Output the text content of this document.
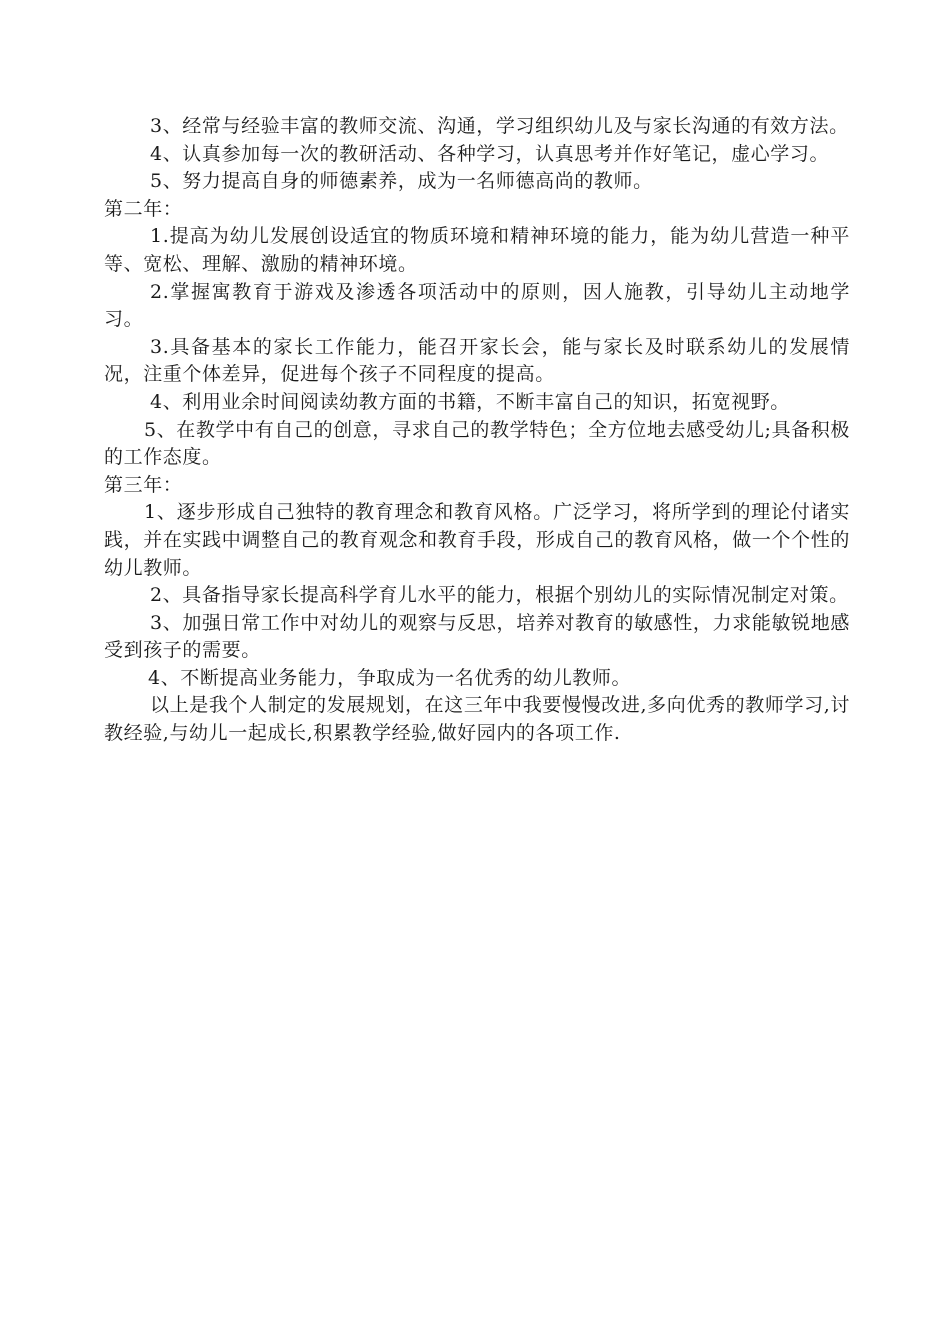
3、经常与经验丰富的教师交流、沟通，学习组织幼儿及与家长沟通的有效方法。

4、认真参加每一次的教研活动、各种学习，认真思考并作好笔记，虚心学习。

5、努力提高自身的师德素养，成为一名师德高尚的教师。

第二年：

1.提高为幼儿发展创设适宜的物质环境和精神环境的能力，能为幼儿营造一种平等、宽松、理解、激励的精神环境。

2.掌握寓教育于游戏及渗透各项活动中的原则，因人施教，引导幼儿主动地学习。

3.具备基本的家长工作能力，能召开家长会，能与家长及时联系幼儿的发展情况，注重个体差异，促进每个孩子不同程度的提高。

4、利用业余时间阅读幼教方面的书籍，不断丰富自己的知识，拓宽视野。

5、在教学中有自己的创意，寻求自己的教学特色；全方位地去感受幼儿;具备积极的工作态度。

第三年：

1、逐步形成自己独特的教育理念和教育风格。广泛学习，将所学到的理论付诸实践，并在实践中调整自己的教育观念和教育手段，形成自己的教育风格，做一个个性的幼儿教师。

2、具备指导家长提高科学育儿水平的能力，根据个别幼儿的实际情况制定对策。

3、加强日常工作中对幼儿的观察与反思，培养对教育的敏感性，力求能敏锐地感受到孩子的需要。

4、不断提高业务能力，争取成为一名优秀的幼儿教师。

以上是我个人制定的发展规划，在这三年中我要慢慢改进,多向优秀的教师学习,讨教经验,与幼儿一起成长,积累教学经验,做好园内的各项工作.
